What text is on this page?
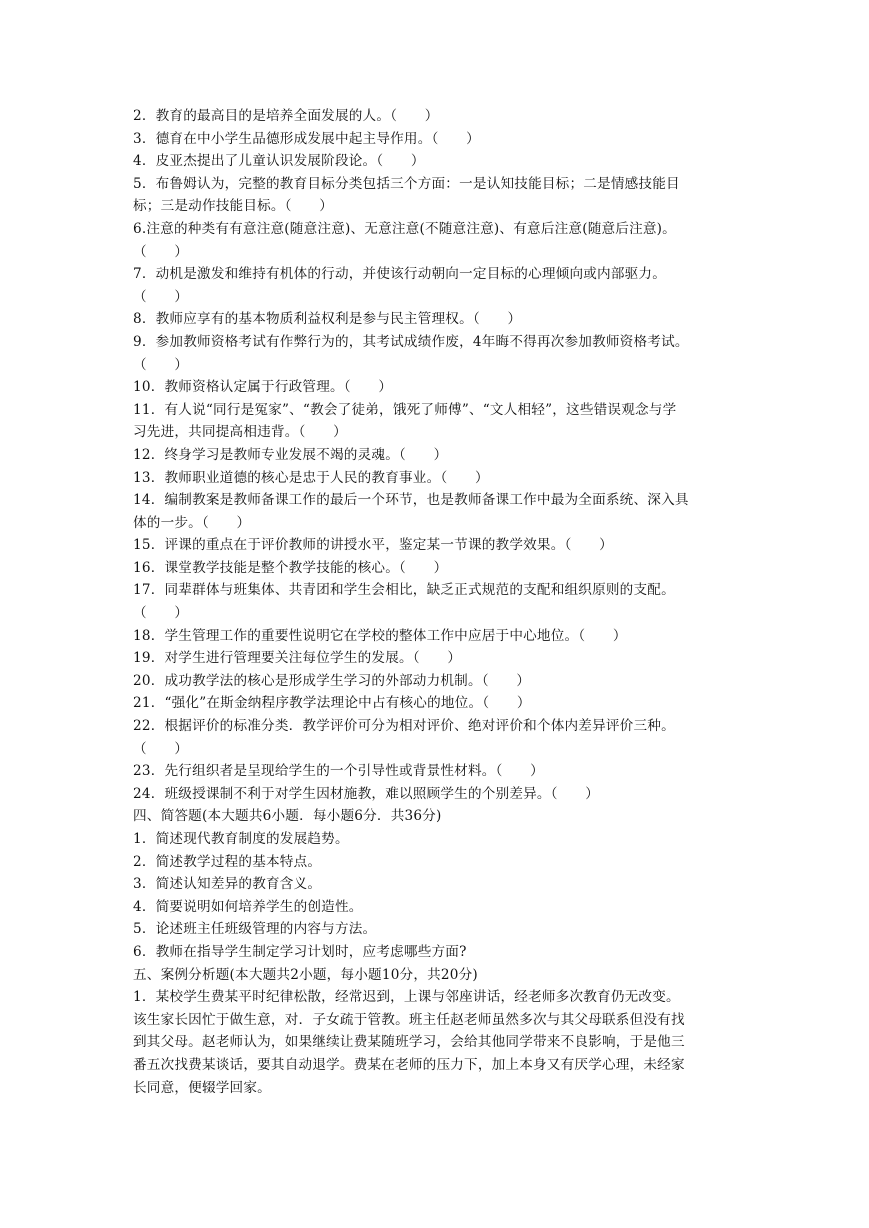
2．教育的最高目的是培养全面发展的人。（　　）
3．德育在中小学生品德形成发展中起主导作用。（　　）
4．皮亚杰提出了儿童认识发展阶段论。（　　）
5．布鲁姆认为，完整的教育目标分类包括三个方面：一是认知技能目标；二是情感技能目
标；三是动作技能目标。（　　）
6.注意的种类有有意注意(随意注意)、无意注意(不随意注意)、有意后注意(随意后注意)。
（　　）
7．动机是激发和维持有机体的行动，并使该行动朝向一定目标的心理倾向或内部驱力。
（　　）
8．教师应享有的基本物质利益权利是参与民主管理权。（　　）
9．参加教师资格考试有作弊行为的，其考试成绩作废，4年晦不得再次参加教师资格考试。
（　　）
10．教师资格认定属于行政管理。（　　）
11．有人说“同行是冤家”、“教会了徒弟，饿死了师傅”、“文人相轻”，这些错误观念与学
习先进，共同提高相违背。（　　）
12．终身学习是教师专业发展不竭的灵魂。（　　）
13．教师职业道德的核心是忠于人民的教育事业。（　　）
14．编制教案是教师备课工作的最后一个环节，也是教师备课工作中最为全面系统、深入具
体的一步。（　　）
15．评课的重点在于评价教师的讲授水平，鉴定某一节课的教学效果。（　　）
16．课堂教学技能是整个教学技能的核心。（　　）
17．同辈群体与班集体、共青团和学生会相比，缺乏正式规范的支配和组织原则的支配。
（　　）
18．学生管理工作的重要性说明它在学校的整体工作中应居于中心地位。（　　）
19．对学生进行管理要关注每位学生的发展。（　　）
20．成功教学法的核心是形成学生学习的外部动力机制。（　　）
21．“强化”在斯金纳程序教学法理论中占有核心的地位。（　　）
22．根据评价的标准分类．教学评价可分为相对评价、绝对评价和个体内差异评价三种。
（　　）
23．先行组织者是呈现给学生的一个引导性或背景性材料。（　　）
24．班级授课制不利于对学生因材施教，难以照顾学生的个别差异。（　　）
四、简答题(本大题共6小题．每小题6分．共36分)
1．简述现代教育制度的发展趋势。
2．简述教学过程的基本特点。
3．简述认知差异的教育含义。
4．简要说明如何培养学生的创造性。
5．论述班主任班级管理的内容与方法。
6．教师在指导学生制定学习计划时，应考虑哪些方面?
五、案例分析题(本大题共2小题，每小题10分，共20分)
1．某校学生费某平时纪律松散，经常迟到，上课与邻座讲话，经老师多次教育仍无改变。
该生家长因忙于做生意，对．子女疏于管教。班主任赵老师虽然多次与其父母联系但没有找
到其父母。赵老师认为，如果继续让费某随班学习，会给其他同学带来不良影响，于是他三
番五次找费某谈话，要其自动退学。费某在老师的压力下，加上本身又有厌学心理，未经家
长同意，便辍学回家。
